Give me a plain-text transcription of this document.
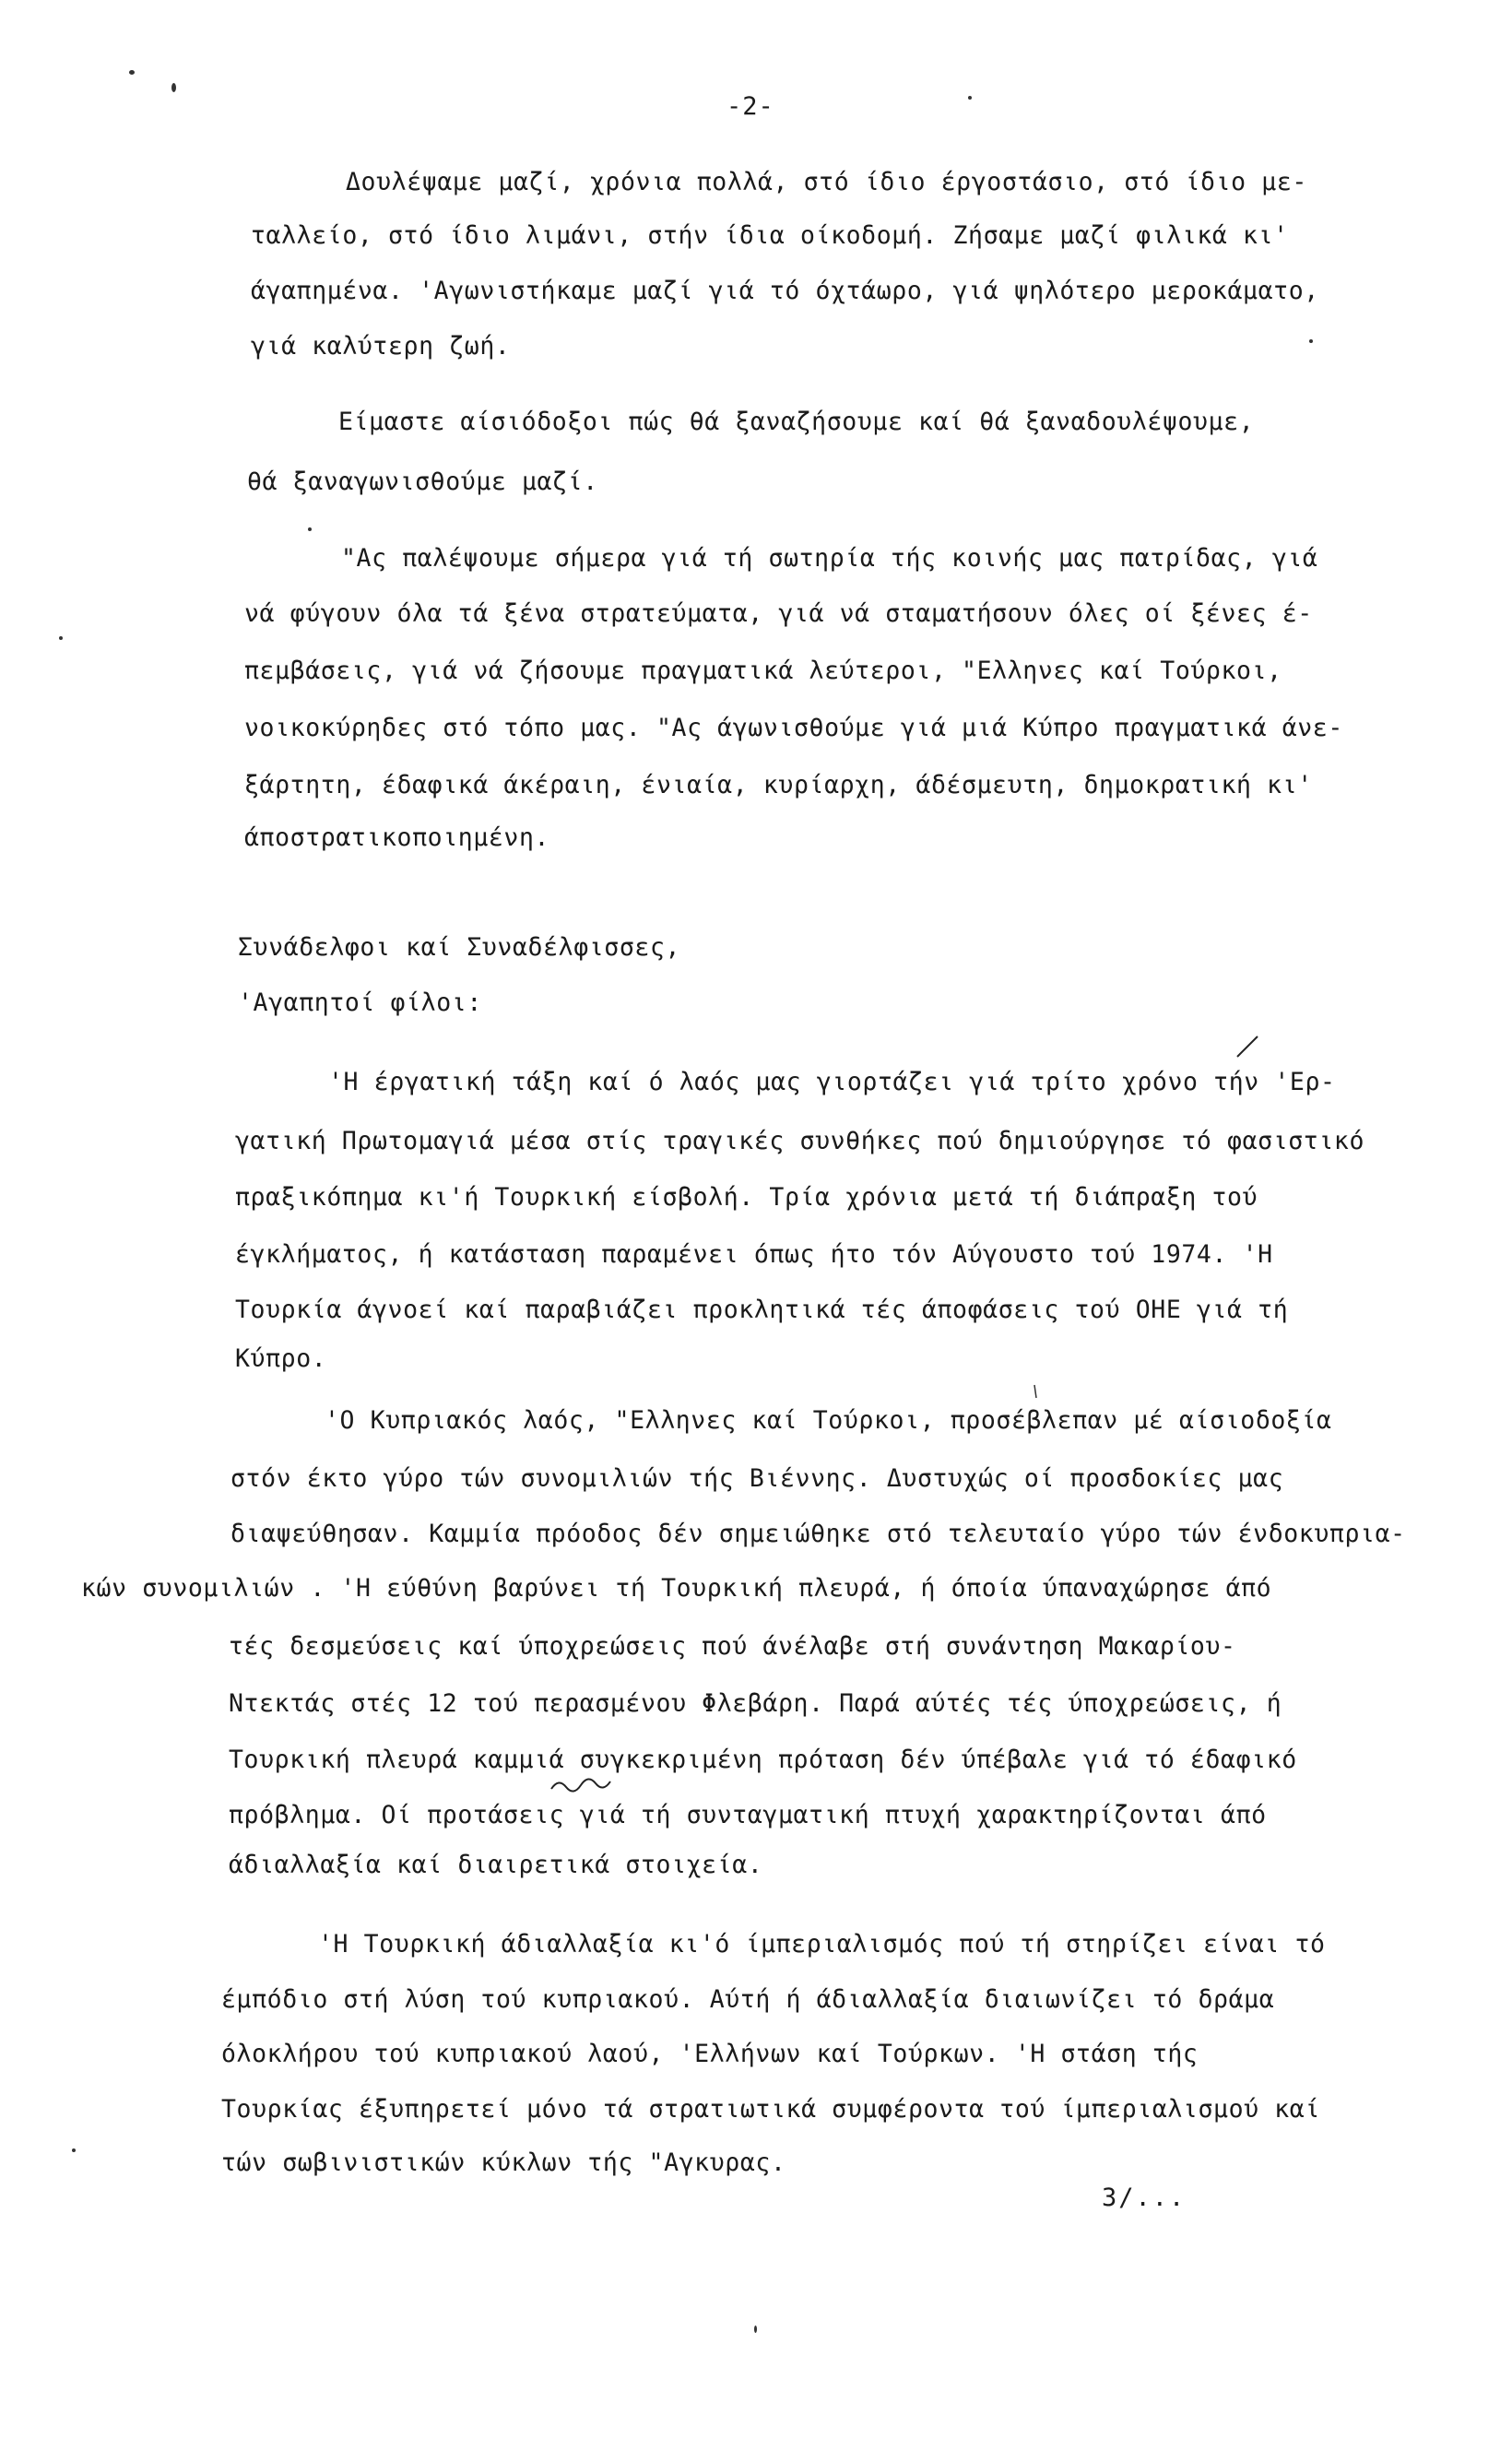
-2-
Δουλέψαμε μαζί, χρόνια πολλά, στό ίδιο έργοστάσιο, στό ίδιο με-
ταλλείο, στό ίδιο λιμάνι, στήν ίδια οίκοδομή. Ζήσαμε μαζί φιλικά κι'
άγαπημένα. 'Αγωνιστήκαμε μαζί γιά τό όχτάωρο, γιά ψηλότερο μεροκάματο,
γιά καλύτερη ζωή.
Είμαστε αίσιόδοξοι πώς θά ξαναζήσουμε καί θά ξαναδουλέψουμε,
θά ξαναγωνισθούμε μαζί.
"Ας παλέψουμε σήμερα γιά τή σωτηρία τής κοινής μας πατρίδας, γιά
νά φύγουν όλα τά ξένα στρατεύματα, γιά νά σταματήσουν όλες οί ξένες έ-
πεμβάσεις, γιά νά ζήσουμε πραγματικά λεύτεροι, "Ελληνες καί Τούρκοι,
νοικοκύρηδες στό τόπο μας. "Ας άγωνισθούμε γιά μιά Κύπρο πραγματικά άνε-
ξάρτητη, έδαφικά άκέραιη, ένιαία, κυρίαρχη, άδέσμευτη, δημοκρατική κι'
άποστρατικοποιημένη.
Συνάδελφοι καί Συναδέλφισσες,
'Αγαπητοί φίλοι:
'Η έργατική τάξη καί ό λαός μας γιορτάζει γιά τρίτο χρόνο τήν 'Ερ-
γατική Πρωτομαγιά μέσα στίς τραγικές συνθήκες πού δημιούργησε τό φασιστικό
πραξικόπημα κι'ή Τουρκική είσβολή. Τρία χρόνια μετά τή διάπραξη τού
έγκλήματος, ή κατάσταση παραμένει όπως ήτο τόν Αύγουστο τού 1974. 'Η
Τουρκία άγνοεί καί παραβιάζει προκλητικά τές άποφάσεις τού ΟΗΕ γιά τή
Κύπρο.
'Ο Κυπριακός λαός, "Ελληνες καί Τούρκοι, προσέβλεπαν μέ αίσιοδοξία
στόν έκτο γύρο τών συνομιλιών τής Βιέννης. Δυστυχώς οί προσδοκίες μας
διαψεύθησαν. Καμμία πρόοδος δέν σημειώθηκε στό τελευταίο γύρο τών ένδοκυπρια-
κών συνομιλιών . 'Η εύθύνη βαρύνει τή Τουρκική πλευρά, ή όποία ύπαναχώρησε άπό
τές δεσμεύσεις καί ύποχρεώσεις πού άνέλαβε στή συνάντηση Μακαρίου-
Ντεκτάς στές 12 τού περασμένου Φλεβάρη. Παρά αύτές τές ύποχρεώσεις, ή
Τουρκική πλευρά καμμιά συγκεκριμένη πρόταση δέν ύπέβαλε γιά τό έδαφικό
πρόβλημα. Οί προτάσεις γιά τή συνταγματική πτυχή χαρακτηρίζονται άπό
άδιαλλαξία καί διαιρετικά στοιχεία.
'Η Τουρκική άδιαλλαξία κι'ό ίμπεριαλισμός πού τή στηρίζει είναι τό
έμπόδιο στή λύση τού κυπριακού. Αύτή ή άδιαλλαξία διαιωνίζει τό δράμα
όλοκλήρου τού κυπριακού λαού, 'Ελλήνων καί Τούρκων. 'Η στάση τής
Τουρκίας έξυπηρετεί μόνο τά στρατιωτικά συμφέροντα τού ίμπεριαλισμού καί
τών σωβινιστικών κύκλων τής "Αγκυρας.
3/...
